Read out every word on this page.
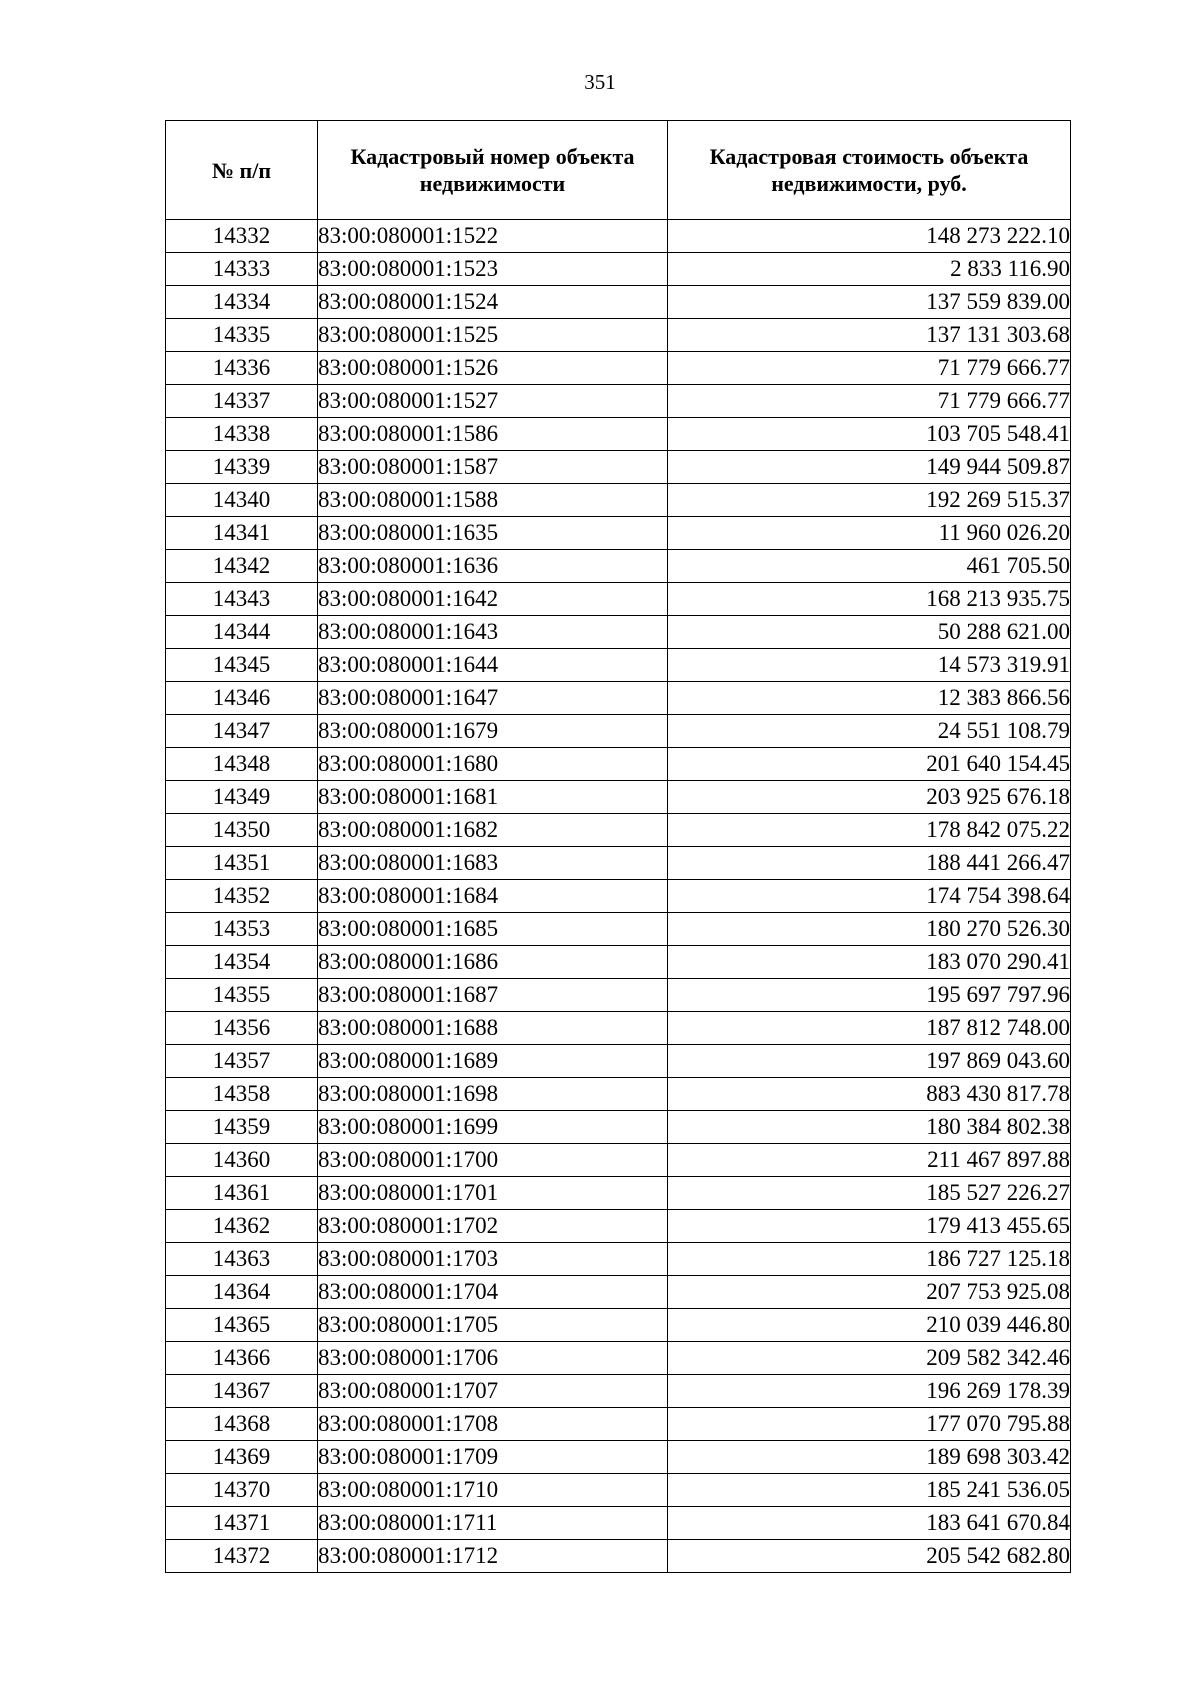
351
№ п/п	Кадастровый номер объекта недвижимости	Кадастровая стоимость объекта недвижимости, руб.
14332	83:00:080001:1522	148 273 222.10
14333	83:00:080001:1523	2 833 116.90
14334	83:00:080001:1524	137 559 839.00
14335	83:00:080001:1525	137 131 303.68
14336	83:00:080001:1526	71 779 666.77
14337	83:00:080001:1527	71 779 666.77
14338	83:00:080001:1586	103 705 548.41
14339	83:00:080001:1587	149 944 509.87
14340	83:00:080001:1588	192 269 515.37
14341	83:00:080001:1635	11 960 026.20
14342	83:00:080001:1636	461 705.50
14343	83:00:080001:1642	168 213 935.75
14344	83:00:080001:1643	50 288 621.00
14345	83:00:080001:1644	14 573 319.91
14346	83:00:080001:1647	12 383 866.56
14347	83:00:080001:1679	24 551 108.79
14348	83:00:080001:1680	201 640 154.45
14349	83:00:080001:1681	203 925 676.18
14350	83:00:080001:1682	178 842 075.22
14351	83:00:080001:1683	188 441 266.47
14352	83:00:080001:1684	174 754 398.64
14353	83:00:080001:1685	180 270 526.30
14354	83:00:080001:1686	183 070 290.41
14355	83:00:080001:1687	195 697 797.96
14356	83:00:080001:1688	187 812 748.00
14357	83:00:080001:1689	197 869 043.60
14358	83:00:080001:1698	883 430 817.78
14359	83:00:080001:1699	180 384 802.38
14360	83:00:080001:1700	211 467 897.88
14361	83:00:080001:1701	185 527 226.27
14362	83:00:080001:1702	179 413 455.65
14363	83:00:080001:1703	186 727 125.18
14364	83:00:080001:1704	207 753 925.08
14365	83:00:080001:1705	210 039 446.80
14366	83:00:080001:1706	209 582 342.46
14367	83:00:080001:1707	196 269 178.39
14368	83:00:080001:1708	177 070 795.88
14369	83:00:080001:1709	189 698 303.42
14370	83:00:080001:1710	185 241 536.05
14371	83:00:080001:1711	183 641 670.84
14372	83:00:080001:1712	205 542 682.80
